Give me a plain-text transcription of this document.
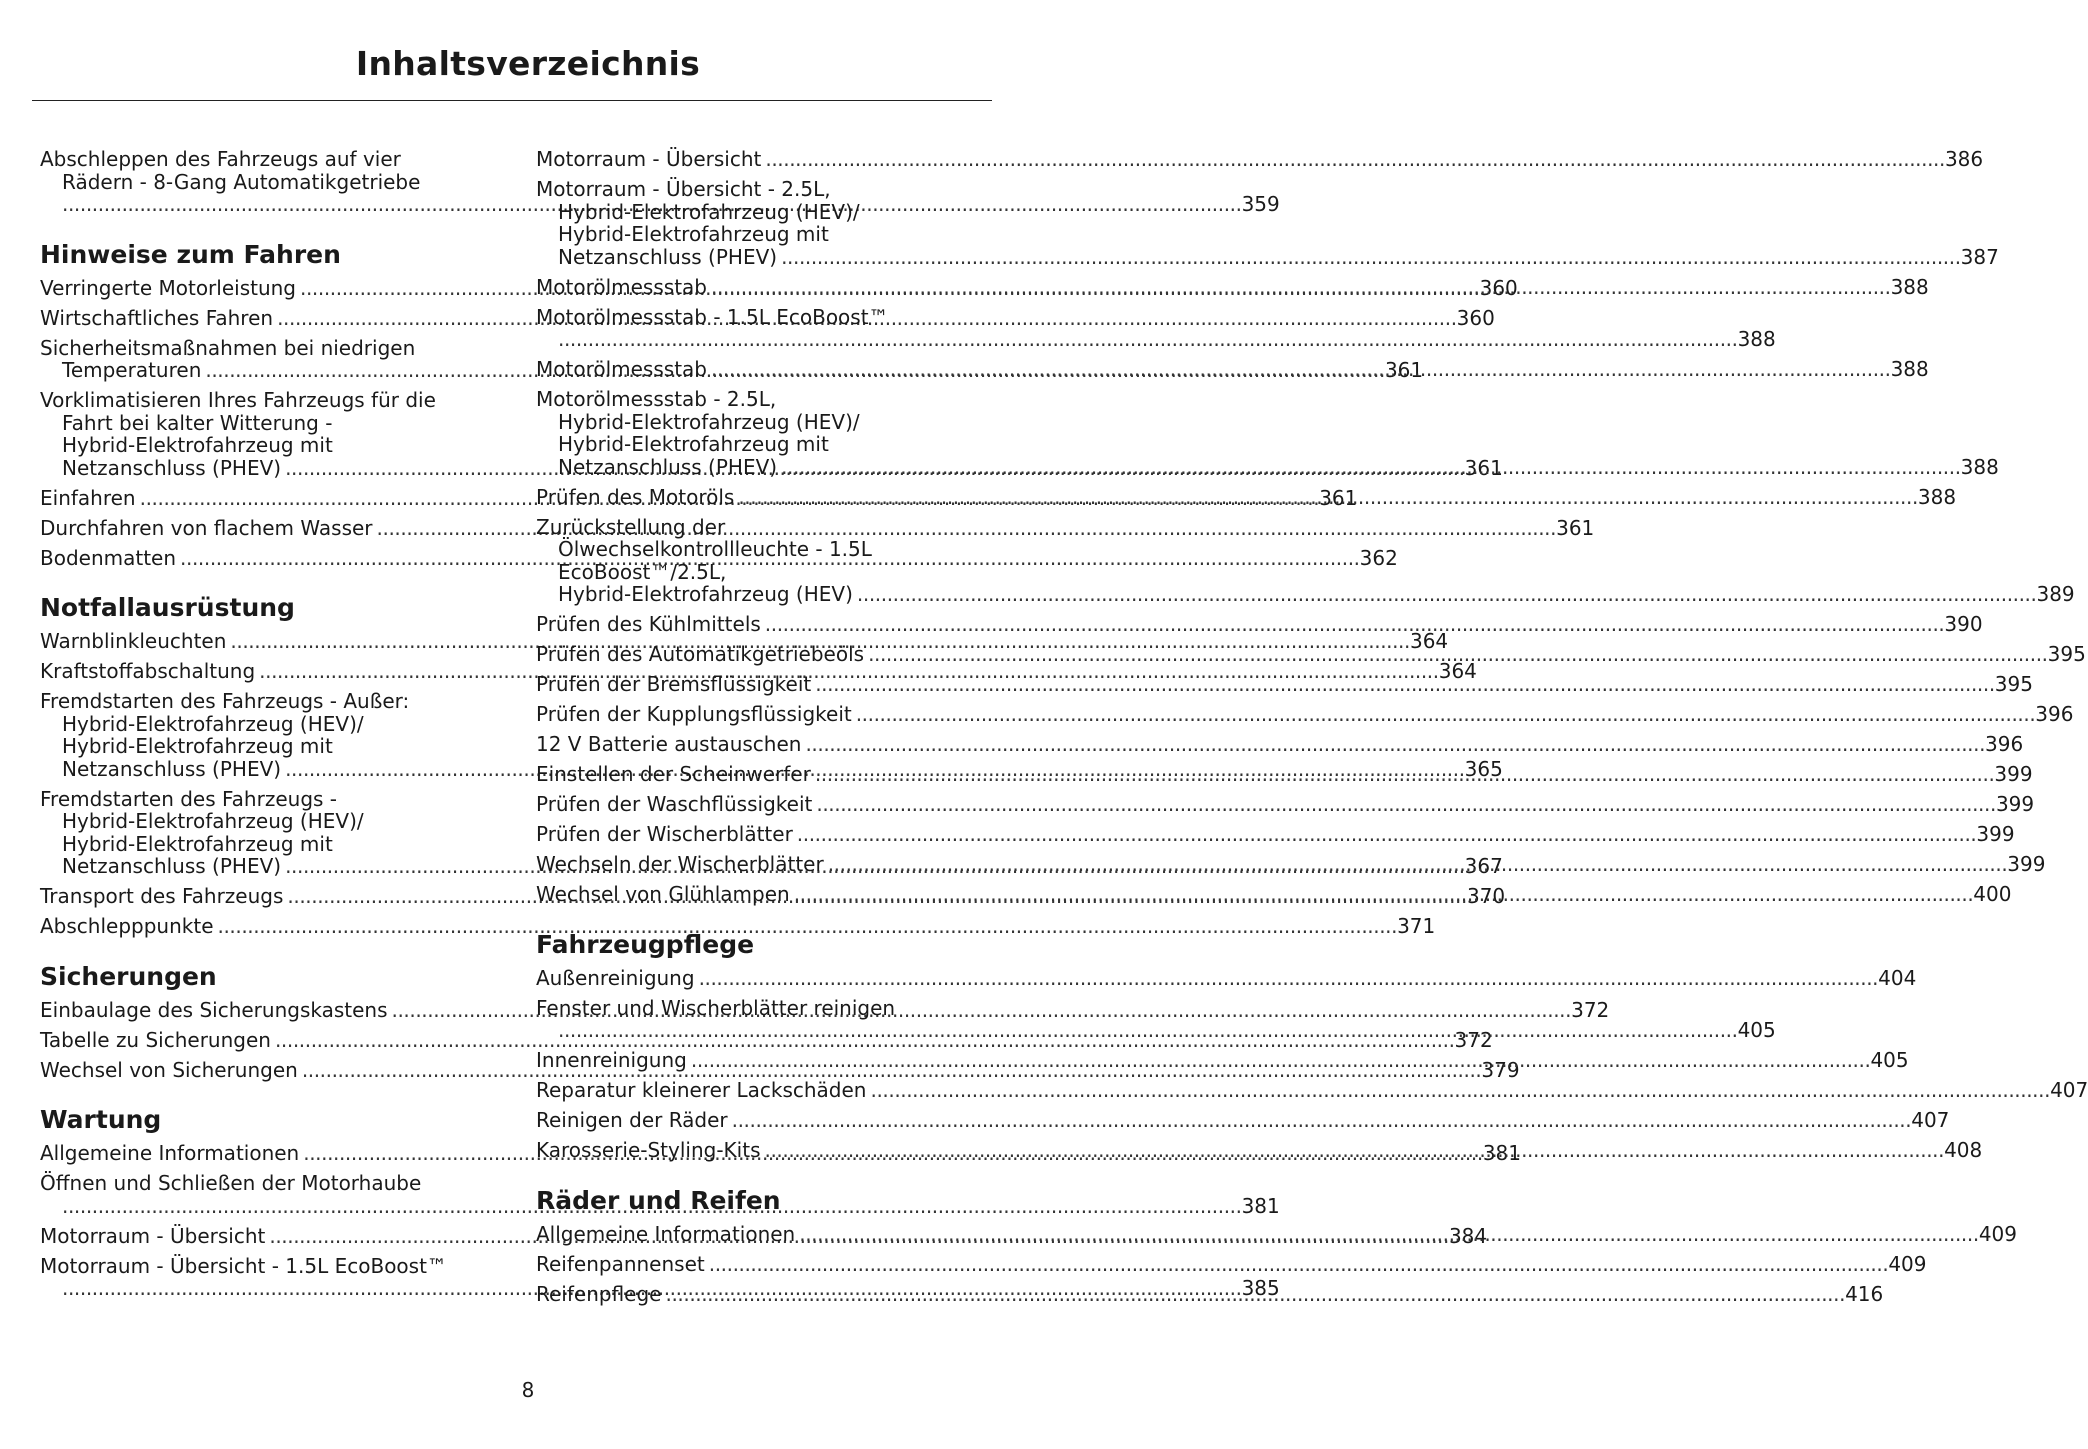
Inhaltsverzeichnis
Abschleppen des Fahrzeugs auf vier
Rädern - 8-Gang Automatikgetriebe
..... 359
Hinweise zum Fahren
Verringerte Motorleistung .....	360
Wirtschaftliches Fahren .....	360
Sicherheitsmaßnahmen bei niedrigen
Temperaturen .....	361
Vorklimatisieren Ihres Fahrzeugs für die
Fahrt bei kalter Witterung -
Hybrid-Elektrofahrzeug mit
Netzanschluss (PHEV) .....	361
Einfahren .....	361
Durchfahren von flachem Wasser .....	361
Bodenmatten .....	362
Notfallausrüstung
Warnblinkleuchten .....	364
Kraftstoffabschaltung .....	364
Fremdstarten des Fahrzeugs - Außer:
Hybrid-Elektrofahrzeug (HEV)/
Hybrid-Elektrofahrzeug mit
Netzanschluss (PHEV) .....	365
Fremdstarten des Fahrzeugs -
Hybrid-Elektrofahrzeug (HEV)/
Hybrid-Elektrofahrzeug mit
Netzanschluss (PHEV) .....	367
Transport des Fahrzeugs .....	370
Abschlepppunkte .....	371
Sicherungen
Einbaulage des Sicherungskastens .....	372
Tabelle zu Sicherungen .....	372
Wechsel von Sicherungen .....	379
Wartung
Allgemeine Informationen .....	381
Öffnen und Schließen der Motorhaube
..... 381
Motorraum - Übersicht .....	384
Motorraum - Übersicht - 1.5L EcoBoost™
..... 385
Motorraum - Übersicht .....	386
Motorraum - Übersicht - 2.5L,
Hybrid-Elektrofahrzeug (HEV)/
Hybrid-Elektrofahrzeug mit
Netzanschluss (PHEV) .....	387
Motorölmessstab .....	388
Motorölmessstab - 1.5L EcoBoost™
..... 388
Motorölmessstab .....	388
Motorölmessstab - 2.5L,
Hybrid-Elektrofahrzeug (HEV)/
Hybrid-Elektrofahrzeug mit
Netzanschluss (PHEV) .....	388
Prüfen des Motoröls .....	388
Zurückstellung der
Ölwechselkontrollleuchte - 1.5L
EcoBoost™/2.5L,
Hybrid-Elektrofahrzeug (HEV) .....	389
Prüfen des Kühlmittels .....	390
Prüfen des Automatikgetriebeöls .....	395
Prüfen der Bremsflüssigkeit .....	395
Prüfen der Kupplungsflüssigkeit .....	396
12 V Batterie austauschen .....	396
Einstellen der Scheinwerfer .....	399
Prüfen der Waschflüssigkeit .....	399
Prüfen der Wischerblätter .....	399
Wechseln der Wischerblätter .....	399
Wechsel von Glühlampen .....	400
Fahrzeugpflege
Außenreinigung .....	404
Fenster und Wischerblätter reinigen
..... 405
Innenreinigung .....	405
Reparatur kleinerer Lackschäden .....	407
Reinigen der Räder .....	407
Karosserie-Styling-Kits .....	408
Räder und Reifen
Allgemeine Informationen .....	409
Reifenpannenset .....	409
Reifenpflege .....	416
8
